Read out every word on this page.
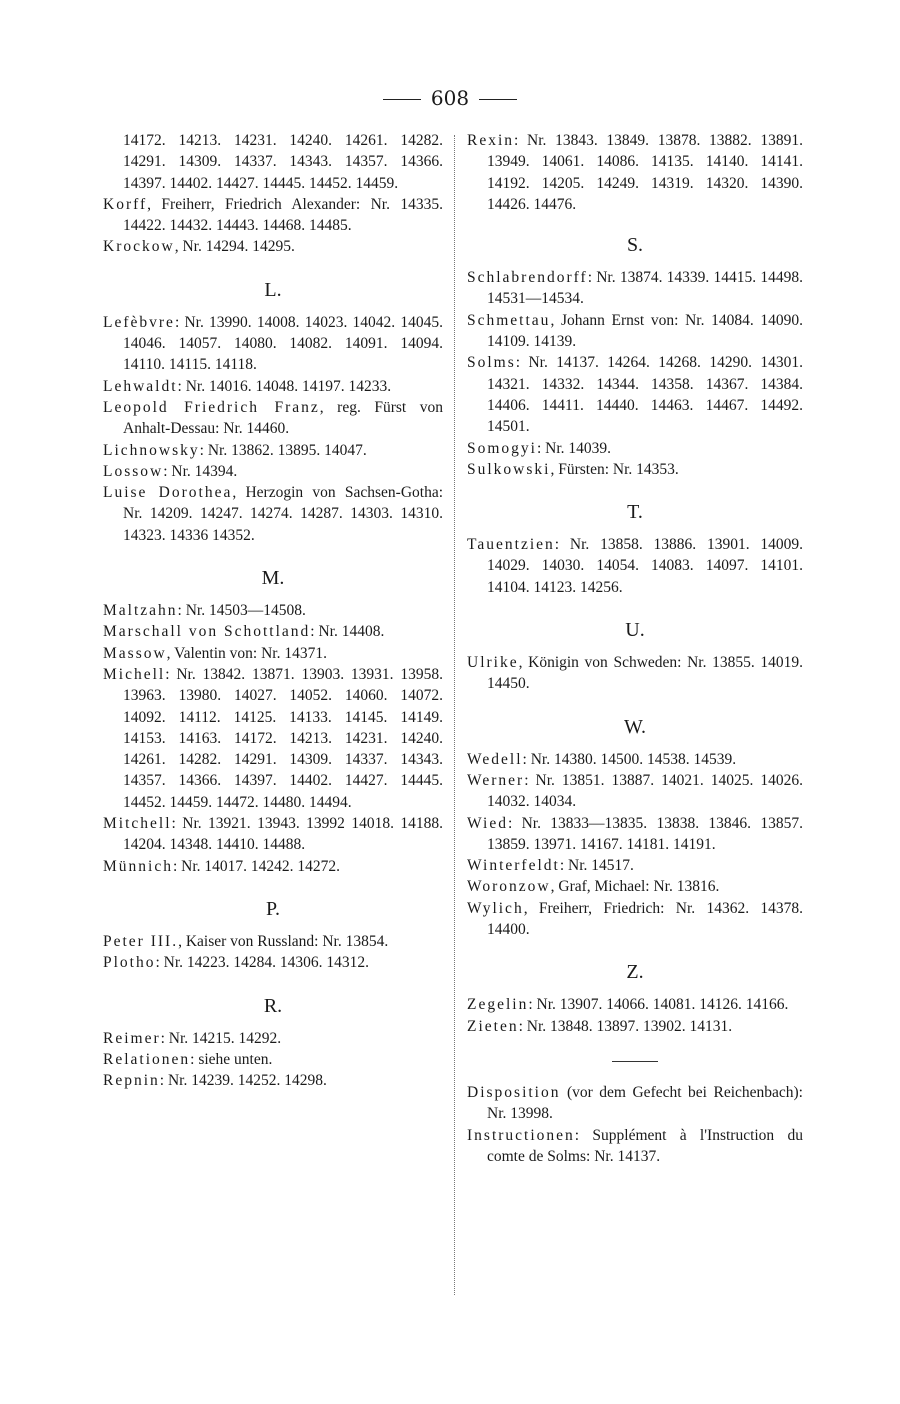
608

14172. 14213. 14231. 14240. 14261. 14282. 14291. 14309. 14337. 14343. 14357. 14366. 14397. 14402. 14427. 14445. 14452. 14459.

Korff, Freiherr, Friedrich Alexander: Nr. 14335. 14422. 14432. 14443. 14468. 14485.

Krockow, Nr. 14294. 14295.

L.

Lefèbvre: Nr. 13990. 14008. 14023. 14042. 14045. 14046. 14057. 14080. 14082. 14091. 14094. 14110. 14115. 14118.

Lehwaldt: Nr. 14016. 14048. 14197. 14233.

Leopold Friedrich Franz, reg. Fürst von Anhalt-Dessau: Nr. 14460.

Lichnowsky: Nr. 13862. 13895. 14047.

Lossow: Nr. 14394.

Luise Dorothea, Herzogin von Sachsen-Gotha: Nr. 14209. 14247. 14274. 14287. 14303. 14310. 14323. 14336 14352.

M.

Maltzahn: Nr. 14503—14508.

Marschall von Schottland: Nr. 14408.

Massow, Valentin von: Nr. 14371.

Michell: Nr. 13842. 13871. 13903. 13931. 13958. 13963. 13980. 14027. 14052. 14060. 14072. 14092. 14112. 14125. 14133. 14145. 14149. 14153. 14163. 14172. 14213. 14231. 14240. 14261. 14282. 14291. 14309. 14337. 14343. 14357. 14366. 14397. 14402. 14427. 14445. 14452. 14459. 14472. 14480. 14494.

Mitchell: Nr. 13921. 13943. 13992 14018. 14188. 14204. 14348. 14410. 14488.

Münnich: Nr. 14017. 14242. 14272.

P.

Peter III., Kaiser von Russland: Nr. 13854.

Plotho: Nr. 14223. 14284. 14306. 14312.

R.

Reimer: Nr. 14215. 14292.

Relationen: siehe unten.

Repnin: Nr. 14239. 14252. 14298.

Rexin: Nr. 13843. 13849. 13878. 13882. 13891. 13949. 14061. 14086. 14135. 14140. 14141. 14192. 14205. 14249. 14319. 14320. 14390. 14426. 14476.

S.

Schlabrendorff: Nr. 13874. 14339. 14415. 14498. 14531—14534.

Schmettau, Johann Ernst von: Nr. 14084. 14090. 14109. 14139.

Solms: Nr. 14137. 14264. 14268. 14290. 14301. 14321. 14332. 14344. 14358. 14367. 14384. 14406. 14411. 14440. 14463. 14467. 14492. 14501.

Somogyi: Nr. 14039.

Sulkowski, Fürsten: Nr. 14353.

T.

Tauentzien: Nr. 13858. 13886. 13901. 14009. 14029. 14030. 14054. 14083. 14097. 14101. 14104. 14123. 14256.

U.

Ulrike, Königin von Schweden: Nr. 13855. 14019. 14450.

W.

Wedell: Nr. 14380. 14500. 14538. 14539.

Werner: Nr. 13851. 13887. 14021. 14025. 14026. 14032. 14034.

Wied: Nr. 13833—13835. 13838. 13846. 13857. 13859. 13971. 14167. 14181. 14191.

Winterfeldt: Nr. 14517.

Woronzow, Graf, Michael: Nr. 13816.

Wylich, Freiherr, Friedrich: Nr. 14362. 14378. 14400.

Z.

Zegelin: Nr. 13907. 14066. 14081. 14126. 14166.

Zieten: Nr. 13848. 13897. 13902. 14131.

Disposition (vor dem Gefecht bei Reichenbach): Nr. 13998.

Instructionen: Supplément à l'Instruction du comte de Solms: Nr. 14137.
